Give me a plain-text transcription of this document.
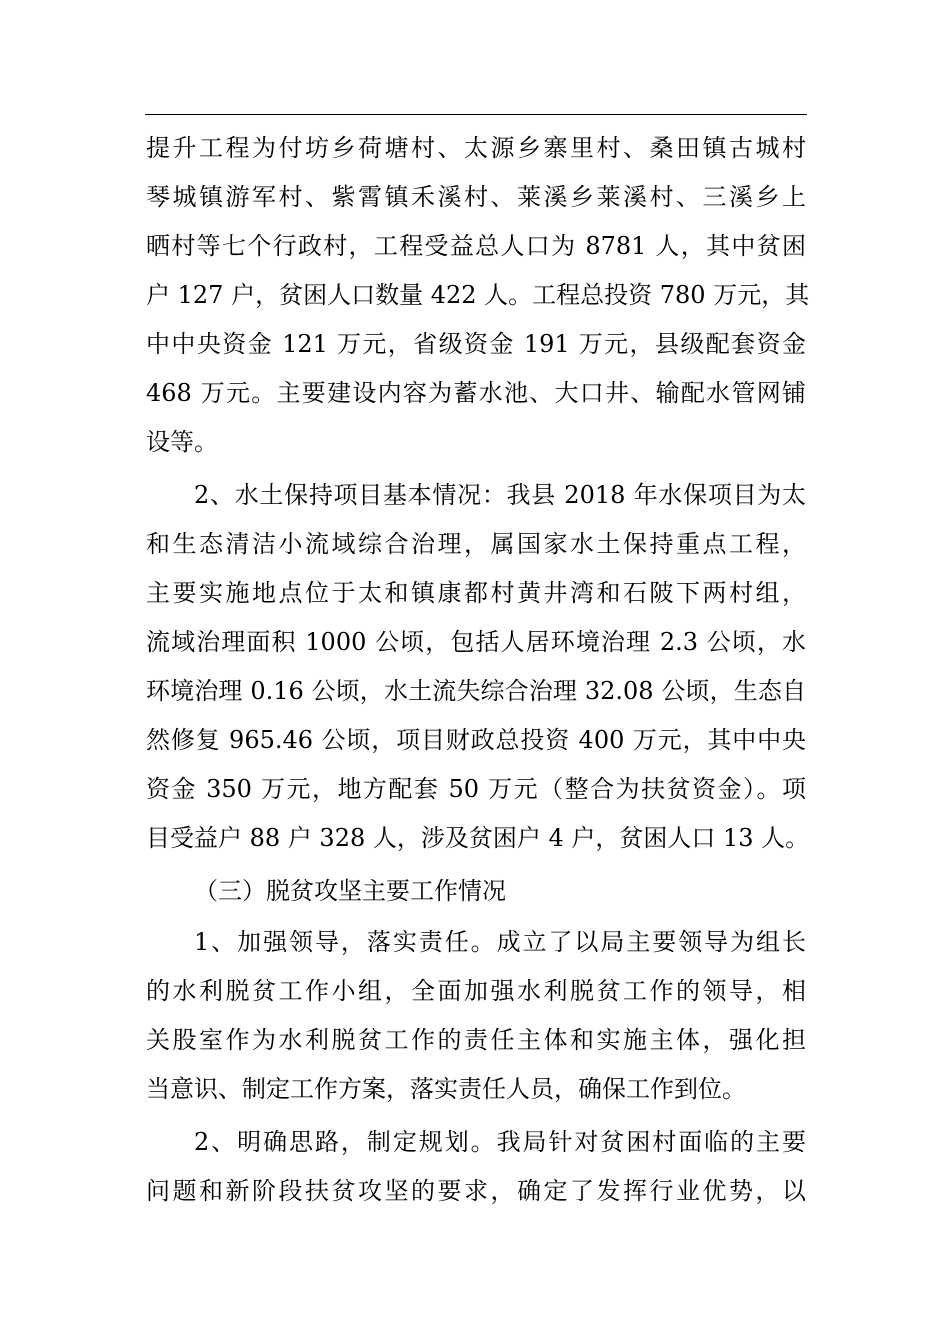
提升工程为付坊乡荷塘村、太源乡寨里村、桑田镇古城村
琴城镇游军村、紫霄镇禾溪村、莱溪乡莱溪村、三溪乡上
晒村等七个行政村，工程受益总人口为 8781 人，其中贫困
户 127 户，贫困人口数量 422 人。工程总投资 780 万元，其
中中央资金 121 万元，省级资金 191 万元，县级配套资金
468 万元。主要建设内容为蓄水池、大口井、输配水管网铺
设等。
2、水土保持项目基本情况：我县 2018 年水保项目为太
和生态清洁小流域综合治理，属国家水土保持重点工程，
主要实施地点位于太和镇康都村黄井湾和石陂下两村组，
流域治理面积 1000 公顷，包括人居环境治理 2.3 公顷，水
环境治理 0.16 公顷，水土流失综合治理 32.08 公顷，生态自
然修复 965.46 公顷，项目财政总投资 400 万元，其中中央
资金 350 万元，地方配套 50 万元（整合为扶贫资金）。项
目受益户 88 户 328 人，涉及贫困户 4 户，贫困人口 13 人。
（三）脱贫攻坚主要工作情况
1、加强领导，落实责任。成立了以局主要领导为组长
的水利脱贫工作小组，全面加强水利脱贫工作的领导，相
关股室作为水利脱贫工作的责任主体和实施主体，强化担
当意识、制定工作方案，落实责任人员，确保工作到位。
2、明确思路，制定规划。我局针对贫困村面临的主要
问题和新阶段扶贫攻坚的要求，确定了发挥行业优势，以
